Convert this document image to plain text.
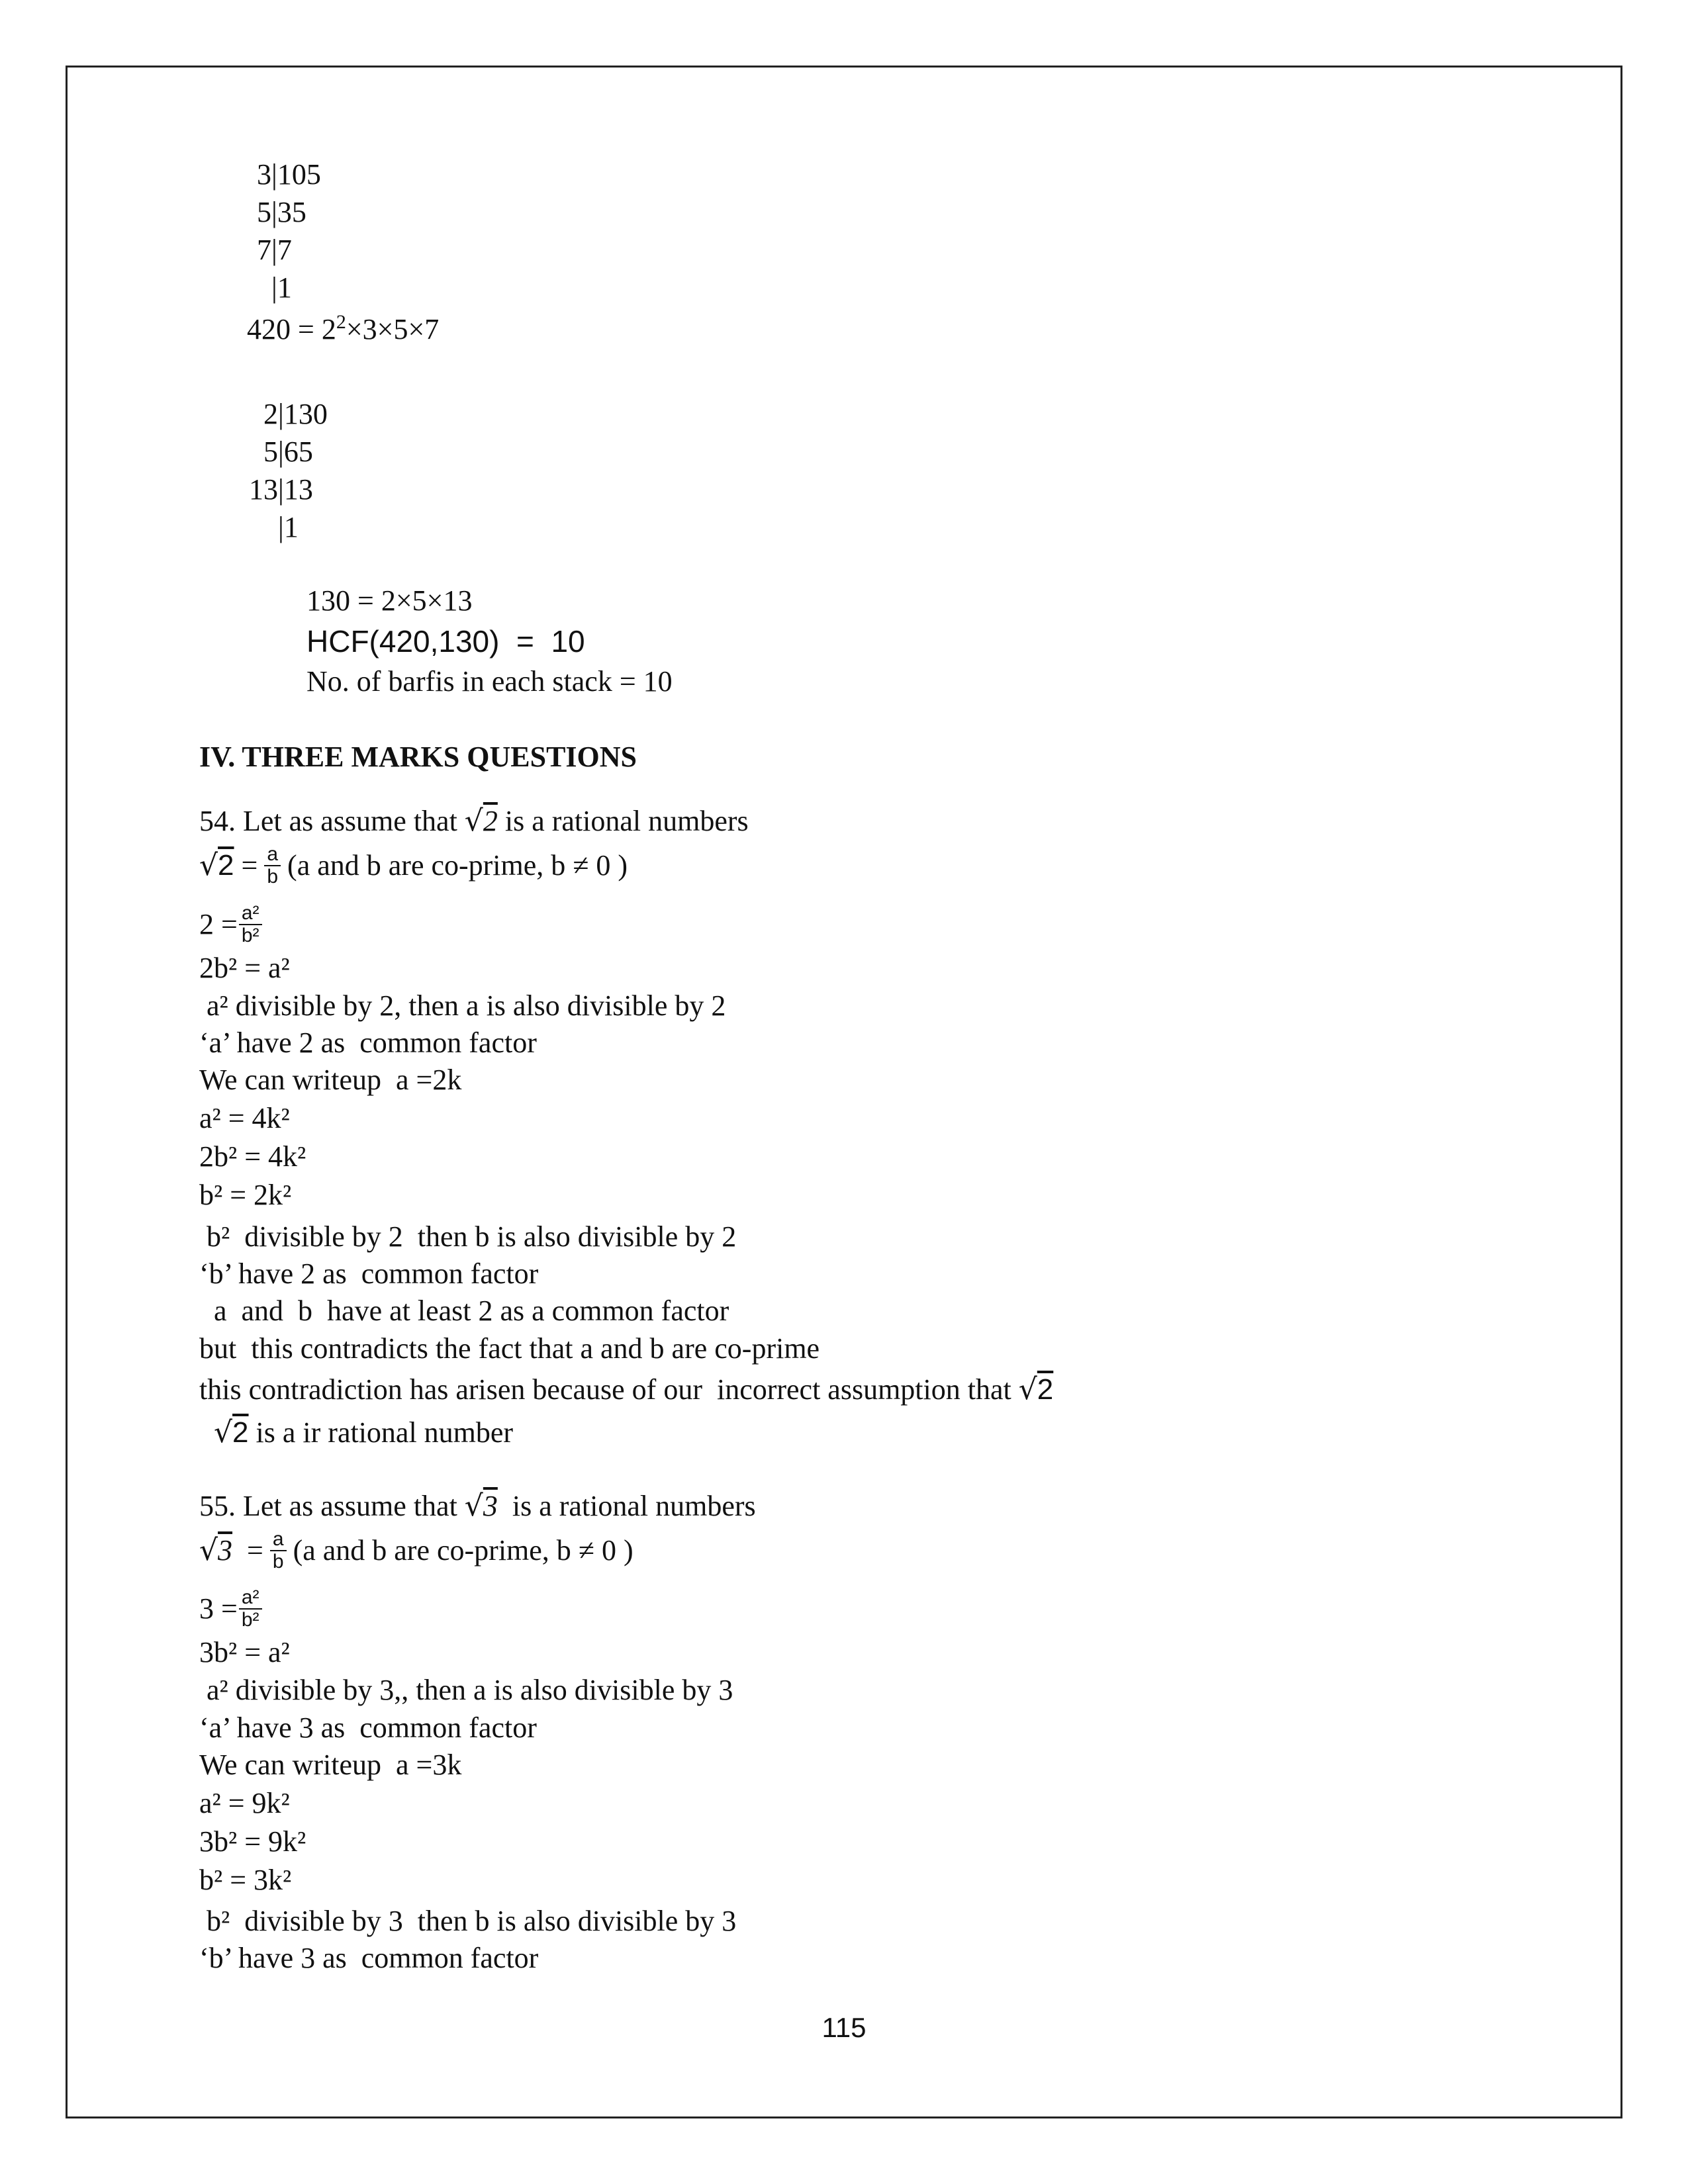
3|105
5|35
7|7
|1
$420 = 2^2\times 3\times 5\times 7$
2|130
5|65
13|13
|1
130 = 2×5×13
HCF(420,130)  =  10
No. of barfis in each stack = 10
IV. THREE MARKS QUESTIONS
54. Let as assume that √2 is a rational numbers
$√2 = \frac{a}{b} (a$ and b are co-prime, b ≠ 0 )
$2 = \frac{\text{a²}}{\text{b²}}$
2b² = a²
a² divisible by 2, then a is also divisible by 2
‘a’ have 2 as  common factor
We can writeup  a =2k
a² = 4k²
2b² = 4k²
b² = 2k²
b²  divisible by 2  then b is also divisible by 2
‘b’ have 2 as  common factor
a  and  b  have at least 2 as a common factor
but  this contradicts the fact that a and b are co-prime
this contradiction has arisen because of our  incorrect assumption that √2
√2 is a ir rational number
55. Let as assume that √3  is a rational numbers
$√3 = \frac{a}{b} (a$ and b are co-prime, b ≠ 0 )
$3 = \frac{\text{a²}}{\text{b²}}$
3b² = a²
a² divisible by 3,, then a is also divisible by 3
‘a’ have 3 as  common factor
We can writeup  a =3k
a² = 9k²
3b² = 9k²
b² = 3k²
b²  divisible by 3  then b is also divisible by 3
‘b’ have 3 as  common factor
115
